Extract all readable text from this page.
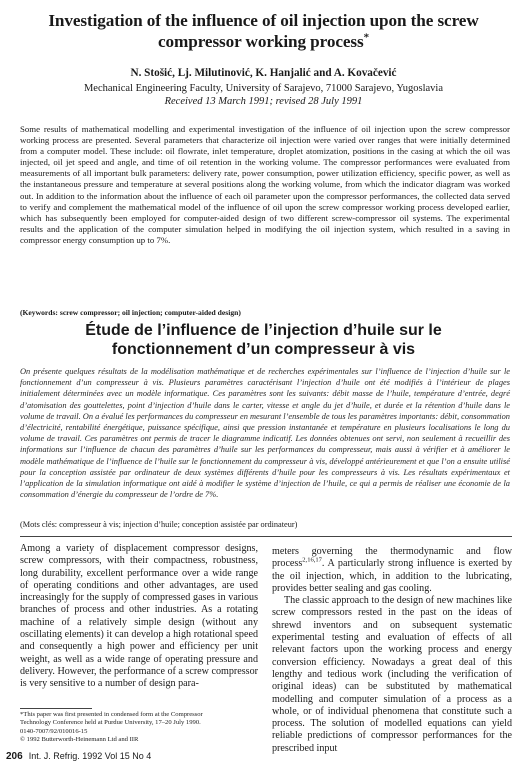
Investigation of the influence of oil injection upon the screw compressor working process*

N. Stošić, Lj. Milutinović, K. Hanjalić and A. Kovačević

Mechanical Engineering Faculty, University of Sarajevo, 71000 Sarajevo, Yugoslavia

Received 13 March 1991; revised 28 July 1991

Some results of mathematical modelling and experimental investigation of the influence of oil injection upon the screw compressor working process are presented. Several parameters that characterize oil injection were varied over ranges that were initially determined from a computer model. These include: oil flowrate, inlet temperature, droplet atomization, positions in the casing at which the oil was injected, oil jet speed and angle, and time of oil retention in the working volume. The compressor performances were evaluated from measurements of all important bulk parameters: delivery rate, power consumption, power utilization efficiency, specific power, as well as the instantaneous pressure and temperature at several positions along the working volume, from which the indicator diagram was worked out. In addition to the information about the influence of each oil parameter upon the compressor performances, the collected data served to verify and complement the mathematical model of the influence of oil upon the screw compressor working process developed earlier, which has subsequently been employed for computer-aided design of two different screw-compressor oil systems. The experimental results and the application of the computer simulation helped in modifying the oil injection system, which resulted in a saving in compressor energy consumption up to 7%.

(Keywords: screw compressor; oil injection; computer-aided design)

Étude de l’influence de l’injection d’huile sur le fonctionnement d’un compresseur à vis

On présente quelques résultats de la modélisation mathématique et de recherches expérimentales sur l’influence de l’injection d’huile sur le fonctionnement d’un compresseur à vis. Plusieurs paramètres caractérisant l’injection d’huile ont été modifiés à l’intérieur de plages initialement déterminées avec un modèle informatique. Ces paramètres sont les suivants: débit masse de l’huile, température d’entrée, degré d’atomisation des gouttelettes, point d’injection d’huile dans le carter, vitesse et angle du jet d’huile, et durée et la rétention d’huile dans le volume de travail. On a évalué les performances du compresseur en mesurant l’ensemble de tous les paramètres importants: débit, consommation d’électricité, rentabilité énergétique, puissance spécifique, ainsi que pression instantanée et température en plusieurs localisations le long du volume de travail. Ces paramètres ont permis de tracer le diagramme indicatif. Les données obtenues ont servi, non seulement à recueillir des informations sur l’influence de chacun des paramètres d’huile sur les performances du compresseur, mais aussi à vérifier et à améliorer le modèle mathématique de l’influence de l’huile sur le fonctionnement du compresseur à vis, développé antérieurement et que l’on a ensuite utilisé pour la conception assistée par ordinateur de deux systèmes différents d’huile pour les compresseurs à vis. Les résultats expérimentaux et l’application de la simulation informatique ont aidé à modifier le système d’injection de l’huile, ce qui a permis de réaliser une économie de la consommation d’énergie du compresseur de l’ordre de 7%.

(Mots clés: compresseur à vis; injection d’huile; conception assistée par ordinateur)

Among a variety of displacement compressor designs, screw compressors, with their compactness, robustness, long durability, excellent performance over a wide range of operating conditions and other advantages, are used increasingly for the supply of compressed gases in various branches of process and other industries. As a rotating machine of a relatively simple design (without any oscillating elements) it can develop a high rotational speed and consequently a high power and efficiency per unit weight, as well as a wide range of operating pressure and delivery. However, the performance of a screw compressor is very sensitive to a number of design para-

meters governing the thermodynamic and flow process$^{2,16,17}$. A particularly strong influence is exerted by the oil injection, which, in addition to the lubricating, provides better sealing and gas cooling.

The classic approach to the design of new machines like screw compressors rested in the past on the ideas of shrewd inventors and on subsequent systematic experimental testing and evaluation of effects of all relevant factors upon the working process and energy conversion efficiency. Nowadays a great deal of this lengthy and tedious work (including the verification of original ideas) can be substituted by mathematical modelling and computer simulation of a process as a whole, or of individual phenomena that constitute such a process. The solution of modelled equations can yield reliable predictions of compressor performances for the prescribed input

*This paper was first presented in condensed form at the Compressor
Technology Conference held at Purdue University, 17–20 July 1990.
0140-7007/92/010016-15
© 1992 Butterworth-Heinemann Ltd and IIR

206 Int. J. Refrig. 1992 Vol 15 No 4
